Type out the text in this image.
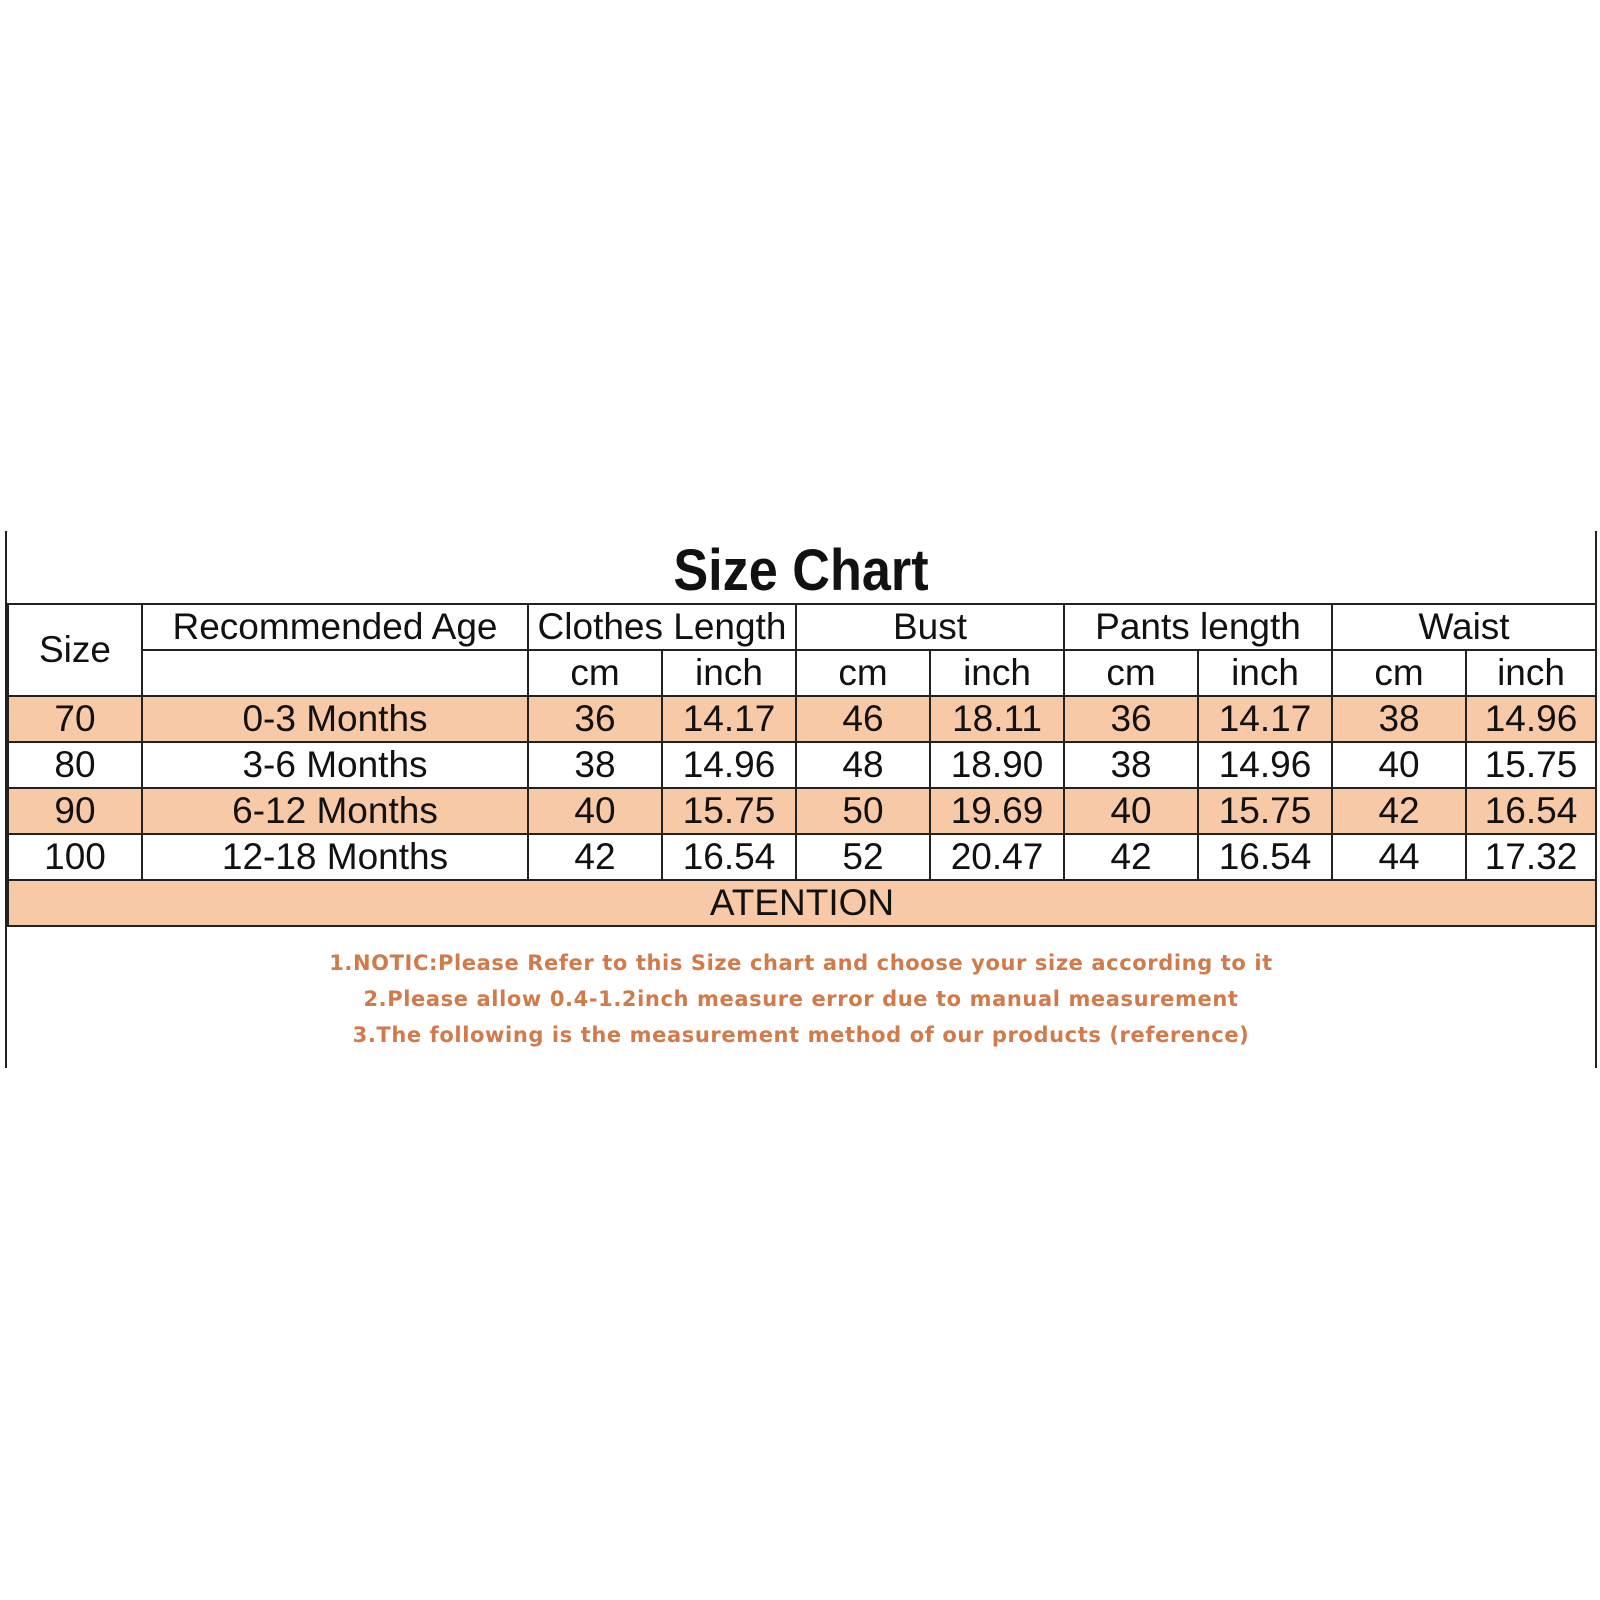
Size Chart
Size	Recommended Age	Clothes Length		Bust		Pants length		Waist	
		cm	inch	cm	inch	cm	inch	cm	inch
70	0-3 Months	36	14.17	46	18.11	36	14.17	38	14.96
80	3-6 Months	38	14.96	48	18.90	38	14.96	40	15.75
90	6-12 Months	40	15.75	50	19.69	40	15.75	42	16.54
100	12-18 Months	42	16.54	52	20.47	42	16.54	44	17.32
ATENTION									
1.NOTIC:Please Refer to this Size chart and choose your size according to it
2.Please allow 0.4-1.2inch measure error due to manual measurement
3.The following is the measurement method of our products (reference)
